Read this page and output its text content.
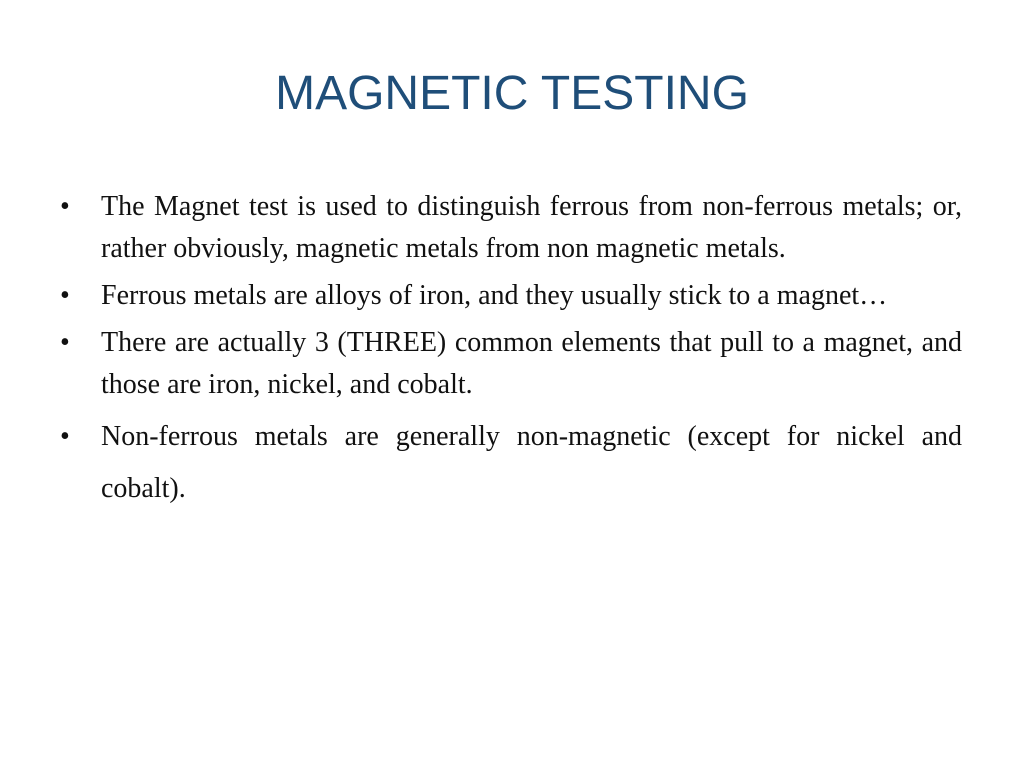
MAGNETIC TESTING
•	The Magnet test is used to distinguish ferrous from non-ferrous metals; or, rather obviously, magnetic metals from non magnetic metals.
•	Ferrous metals are alloys of iron, and they usually stick to a magnet…
•	There are actually 3 (THREE) common elements that pull to a magnet, and those are iron, nickel, and cobalt.
•	Non-ferrous metals are generally non-magnetic (except for nickel and cobalt).
